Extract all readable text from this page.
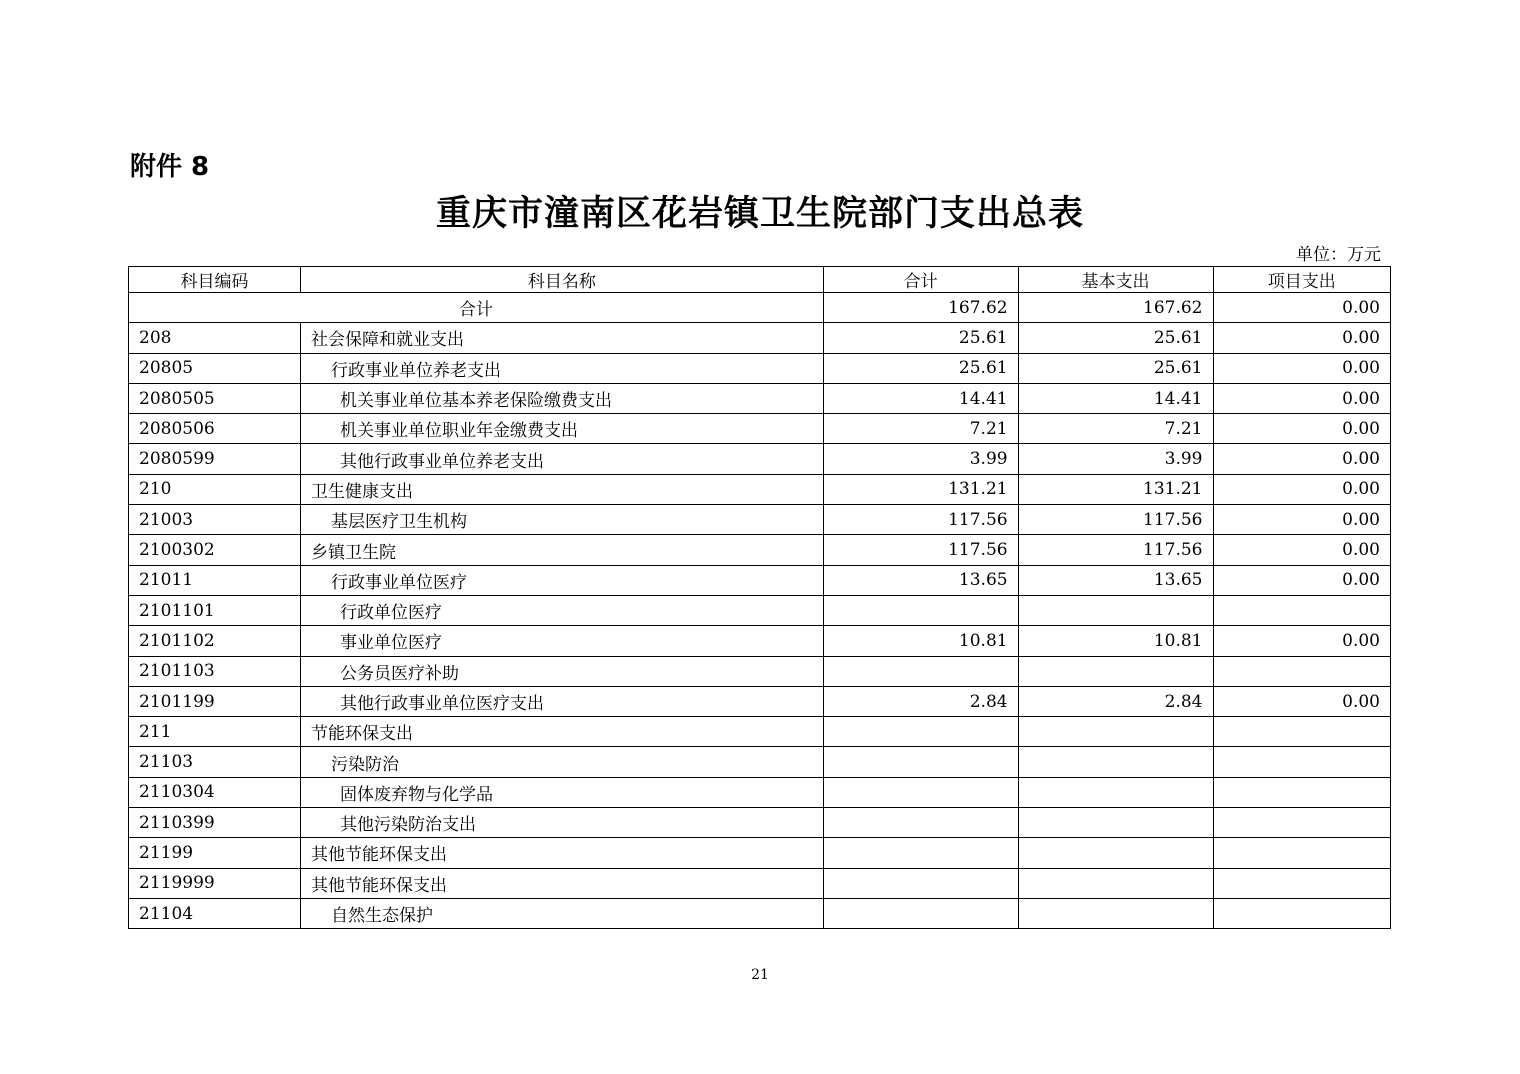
附件 8
重庆市潼南区花岩镇卫生院部门支出总表
单位：万元
科目编码	科目名称	合计	基本支出	项目支出
合计		167.62	167.62	0.00
208	社会保障和就业支出	25.61	25.61	0.00
20805	行政事业单位养老支出	25.61	25.61	0.00
2080505	机关事业单位基本养老保险缴费支出	14.41	14.41	0.00
2080506	机关事业单位职业年金缴费支出	7.21	7.21	0.00
2080599	其他行政事业单位养老支出	3.99	3.99	0.00
210	卫生健康支出	131.21	131.21	0.00
21003	基层医疗卫生机构	117.56	117.56	0.00
2100302	乡镇卫生院	117.56	117.56	0.00
21011	行政事业单位医疗	13.65	13.65	0.00
2101101	行政单位医疗			
2101102	事业单位医疗	10.81	10.81	0.00
2101103	公务员医疗补助			
2101199	其他行政事业单位医疗支出	2.84	2.84	0.00
211	节能环保支出			
21103	污染防治			
2110304	固体废弃物与化学品			
2110399	其他污染防治支出			
21199	其他节能环保支出			
2119999	其他节能环保支出			
21104	自然生态保护			
21
